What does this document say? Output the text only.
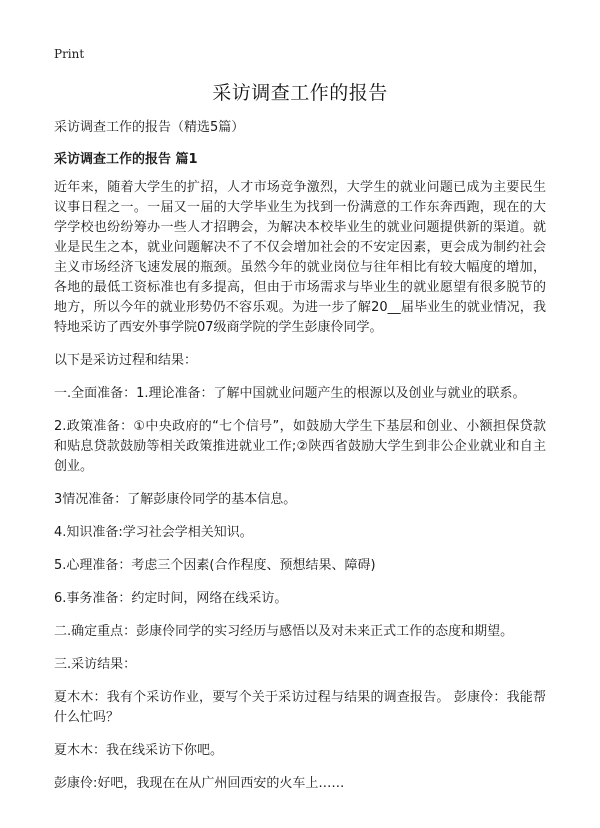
Print
采访调查工作的报告

采访调查工作的报告（精选5篇）

采访调查工作的报告 篇1

近年来，随着大学生的扩招，人才市场竞争激烈，大学生的就业问题已成为主要民生议事日程之一。一届又一届的大学毕业生为找到一份满意的工作东奔西跑，现在的大学学校也纷纷筹办一些人才招聘会，为解决本校毕业生的就业问题提供新的渠道。就业是民生之本，就业问题解决不了不仅会增加社会的不安定因素，更会成为制约社会主义市场经济飞速发展的瓶颈。虽然今年的就业岗位与往年相比有较大幅度的增加，各地的最低工资标准也有多提高，但由于市场需求与毕业生的就业愿望有很多脱节的地方，所以今年的就业形势仍不容乐观。为进一步了解20__届毕业生的就业情况，我特地采访了西安外事学院07级商学院的学生彭康伶同学。

以下是采访过程和结果：

一.全面准备：1.理论准备：了解中国就业问题产生的根源以及创业与就业的联系。

2.政策准备：①中央政府的“七个信号”，如鼓励大学生下基层和创业、小额担保贷款和贴息贷款鼓励等相关政策推进就业工作;②陕西省鼓励大学生到非公企业就业和自主创业。

3情况准备：了解彭康伶同学的基本信息。

4.知识准备:学习社会学相关知识。

5.心理准备：考虑三个因素(合作程度、预想结果、障碍)

6.事务准备：约定时间，网络在线采访。

二.确定重点：彭康伶同学的实习经历与感悟以及对未来正式工作的态度和期望。

三.采访结果：

夏木木：我有个采访作业，要写个关于采访过程与结果的调查报告。 彭康伶：我能帮什么忙吗？

夏木木：我在线采访下你吧。

彭康伶:好吧，我现在在从广州回西安的火车上……
